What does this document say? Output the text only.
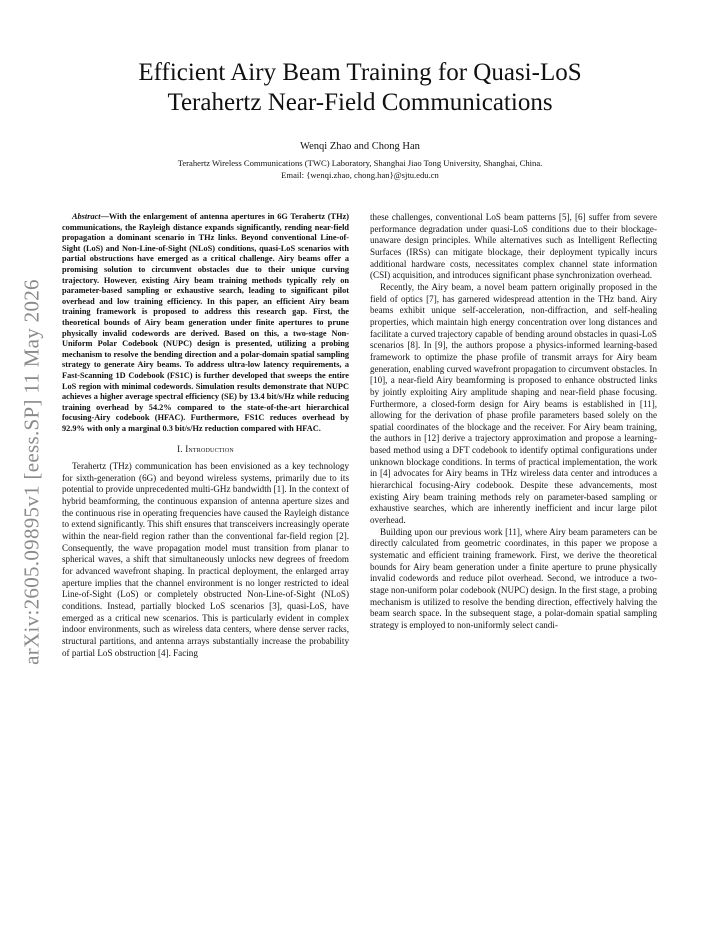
Efficient Airy Beam Training for Quasi-LoS
Terahertz Near-Field Communications
Wenqi Zhao and Chong Han
Terahertz Wireless Communications (TWC) Laboratory, Shanghai Jiao Tong University, Shanghai, China.
Email: {wenqi.zhao, chong.han}@sjtu.edu.cn
arXiv:2605.09895v1 [eess.SP] 11 May 2026

Abstract—With the enlargement of antenna apertures in 6G Terahertz (THz) communications, the Rayleigh distance expands significantly, rending near-field propagation a dominant scenario in THz links. Beyond conventional Line-of-Sight (LoS) and Non-Line-of-Sight (NLoS) conditions, quasi-LoS scenarios with partial obstructions have emerged as a critical challenge. Airy beams offer a promising solution to circumvent obstacles due to their unique curving trajectory. However, existing Airy beam training methods typically rely on parameter-based sampling or exhaustive search, leading to significant pilot overhead and low training efficiency. In this paper, an efficient Airy beam training framework is proposed to address this research gap. First, the theoretical bounds of Airy beam generation under finite apertures to prune physically invalid codewords are derived. Based on this, a two-stage Non-Uniform Polar Codebook (NUPC) design is presented, utilizing a probing mechanism to resolve the bending direction and a polar-domain spatial sampling strategy to generate Airy beams. To address ultra-low latency requirements, a Fast-Scanning 1D Codebook (FS1C) is further developed that sweeps the entire LoS region with minimal codewords. Simulation results demonstrate that NUPC achieves a higher average spectral efficiency (SE) by 13.4 bit/s/Hz while reducing training overhead by 54.2% compared to the state-of-the-art hierarchical focusing-Airy codebook (HFAC). Furthermore, FS1C reduces overhead by 92.9% with only a marginal 0.3 bit/s/Hz reduction compared with HFAC.

I. Introduction

Terahertz (THz) communication has been envisioned as a key technology for sixth-generation (6G) and beyond wireless systems, primarily due to its potential to provide unprecedented multi-GHz bandwidth [1]. In the context of hybrid beamforming, the continuous expansion of antenna aperture sizes and the continuous rise in operating frequencies have caused the Rayleigh distance to extend significantly. This shift ensures that transceivers increasingly operate within the near-field region rather than the conventional far-field region [2]. Consequently, the wave propagation model must transition from planar to spherical waves, a shift that simultaneously unlocks new degrees of freedom for advanced wavefront shaping. In practical deployment, the enlarged array aperture implies that the channel environment is no longer restricted to ideal Line-of-Sight (LoS) or completely obstructed Non-Line-of-Sight (NLoS) conditions. Instead, partially blocked LoS scenarios [3], quasi-LoS, have emerged as a critical new scenarios. This is particularly evident in complex indoor environments, such as wireless data centers, where dense server racks, structural partitions, and antenna arrays substantially increase the probability of partial LoS obstruction [4]. Facing

these challenges, conventional LoS beam patterns [5], [6] suffer from severe performance degradation under quasi-LoS conditions due to their blockage-unaware design principles. While alternatives such as Intelligent Reflecting Surfaces (IRSs) can mitigate blockage, their deployment typically incurs additional hardware costs, necessitates complex channel state information (CSI) acquisition, and introduces significant phase synchronization overhead.

Recently, the Airy beam, a novel beam pattern originally proposed in the field of optics [7], has garnered widespread attention in the THz band. Airy beams exhibit unique self-acceleration, non-diffraction, and self-healing properties, which maintain high energy concentration over long distances and facilitate a curved trajectory capable of bending around obstacles in quasi-LoS scenarios [8]. In [9], the authors propose a physics-informed learning-based framework to optimize the phase profile of transmit arrays for Airy beam generation, enabling curved wavefront propagation to circumvent obstacles. In [10], a near-field Airy beamforming is proposed to enhance obstructed links by jointly exploiting Airy amplitude shaping and near-field phase focusing. Furthermore, a closed-form design for Airy beams is established in [11], allowing for the derivation of phase profile parameters based solely on the spatial coordinates of the blockage and the receiver. For Airy beam training, the authors in [12] derive a trajectory approximation and propose a learning-based method using a DFT codebook to identify optimal configurations under unknown blockage conditions. In terms of practical implementation, the work in [4] advocates for Airy beams in THz wireless data center and introduces a hierarchical focusing-Airy codebook. Despite these advancements, most existing Airy beam training methods rely on parameter-based sampling or exhaustive searches, which are inherently inefficient and incur large pilot overhead.

Building upon our previous work [11], where Airy beam parameters can be directly calculated from geometric coordinates, in this paper we propose a systematic and efficient training framework. First, we derive the theoretical bounds for Airy beam generation under a finite aperture to prune physically invalid codewords and reduce pilot overhead. Second, we introduce a two-stage non-uniform polar codebook (NUPC) design. In the first stage, a probing mechanism is utilized to resolve the bending direction, effectively halving the beam search space. In the subsequent stage, a polar-domain spatial sampling strategy is employed to non-uniformly select candi-
